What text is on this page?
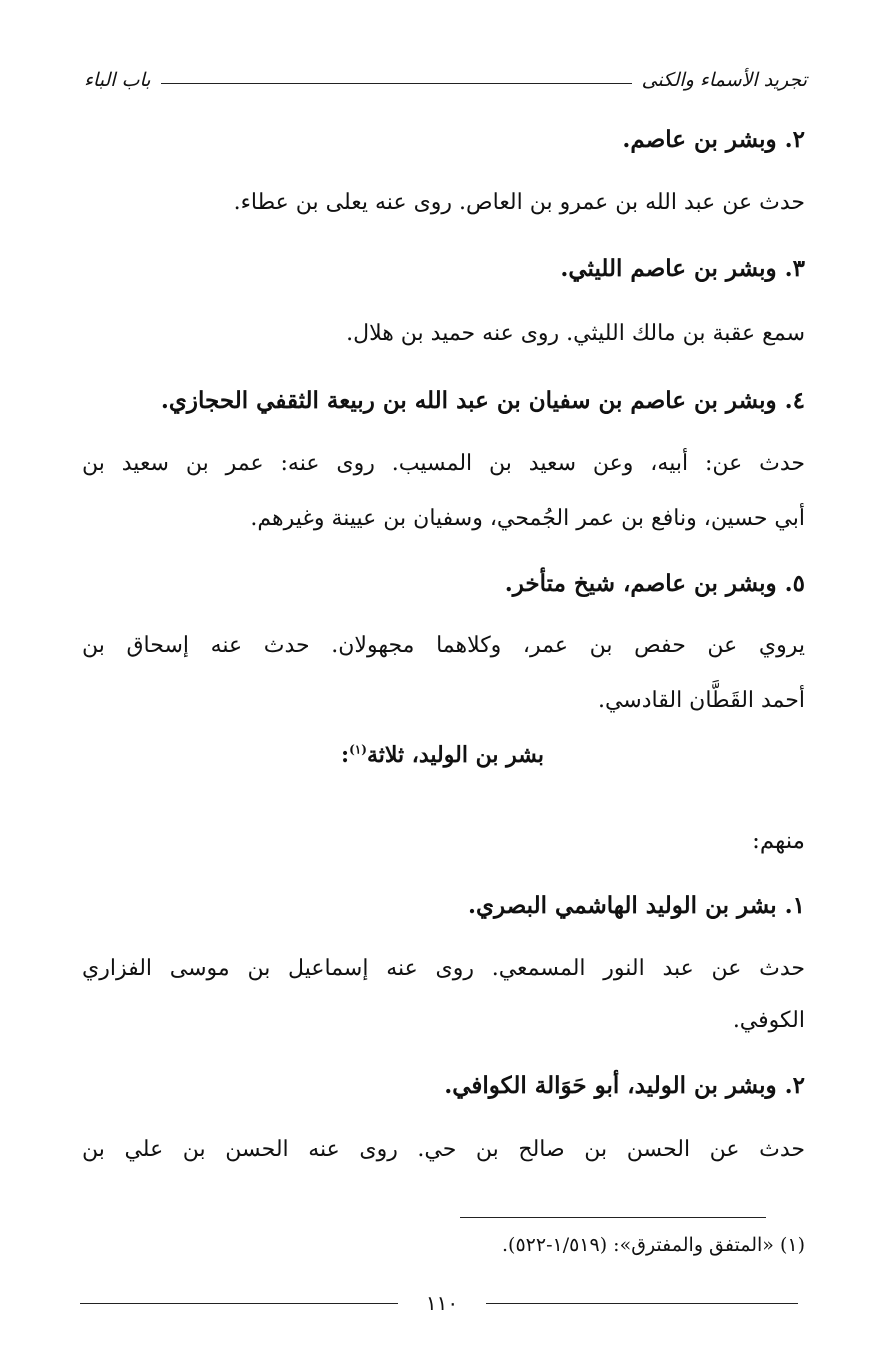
تجريد الأسماء والكنى
باب الباء
٢. وبشر بن عاصم.
حدث عن عبد الله بن عمرو بن العاص. روى عنه يعلى بن عطاء.
٣. وبشر بن عاصم الليثي.
سمع عقبة بن مالك الليثي. روى عنه حميد بن هلال.
٤. وبشر بن عاصم بن سفيان بن عبد الله بن ربيعة الثقفي الحجازي.
حدث عن: أبيه، وعن سعيد بن المسيب. روى عنه: عمر بن سعيد بن
أبي حسين، ونافع بن عمر الجُمحي، وسفيان بن عيينة وغيرهم.
٥. وبشر بن عاصم، شيخ متأخر.
يروي عن حفص بن عمر، وكلاهما مجهولان. حدث عنه إسحاق بن
أحمد القَطَّان القادسي.
بشر بن الوليد، ثلاثة$^{(١)}$:
منهم:
١. بشر بن الوليد الهاشمي البصري.
حدث عن عبد النور المسمعي. روى عنه إسماعيل بن موسى الفزاري
الكوفي.
٢. وبشر بن الوليد، أبو حَوَالة الكوافي.
حدث عن الحسن بن صالح بن حي. روى عنه الحسن بن علي بن
(١) «المتفق والمفترق»: (١/٥١٩-٥٢٢).
١١٠
